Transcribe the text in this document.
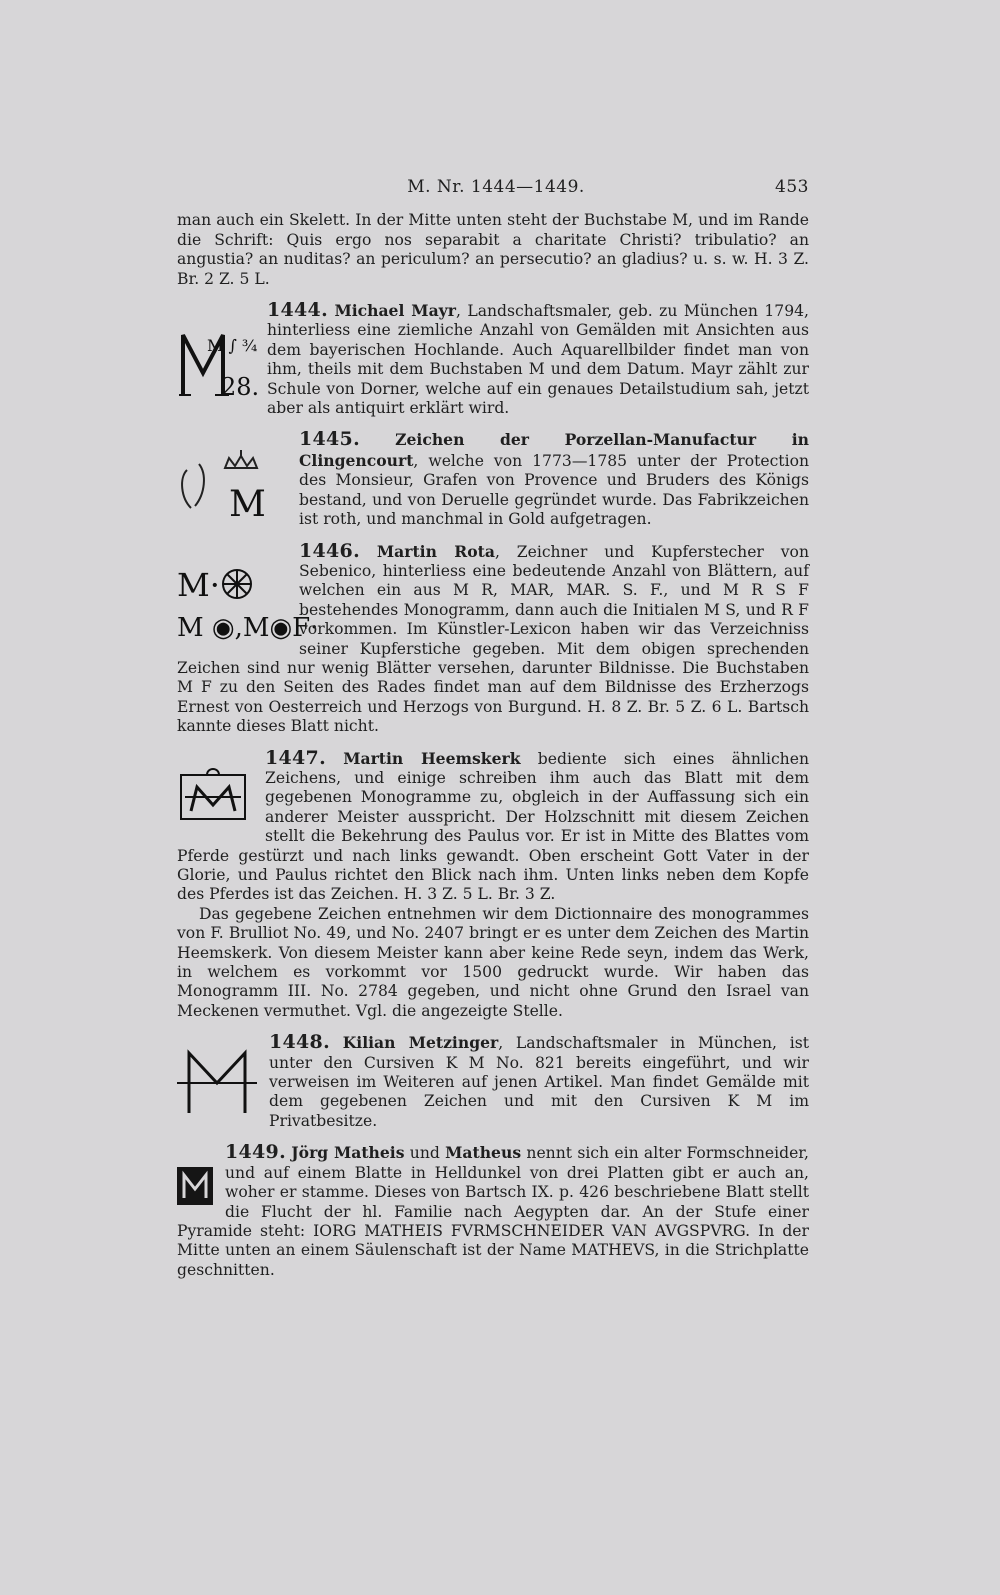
M. Nr. 1444—1449.	453

man auch ein Skelett. In der Mitte unten steht der Buchstabe M, und im Rande die Schrift: Quis ergo nos separabit a charitate Christi? tribulatio? an angustia? an nuditas? an periculum? an persecutio? an gladius? u. s. w. H. 3 Z. Br. 2 Z. 5 L.

28.
M ∫ ¾
1444. Michael Mayr, Landschaftsmaler, geb. zu München 1794, hinterliess eine ziemliche Anzahl von Gemälden mit Ansichten aus dem bayerischen Hochlande. Auch Aquarellbilder findet man von ihm, theils mit dem Buchstaben M und dem Datum. Mayr zählt zur Schule von Dorner, welche auf ein genaues Detailstudium sah, jetzt aber als antiquirt erklärt wird.
M
1445. Zeichen der Porzellan-Manufactur in Clingencourt, welche von 1773—1785 unter der Protection des Monsieur, Grafen von Provence und Bruders des Königs bestand, und von Deruelle gegründet wurde. Das Fabrikzeichen ist roth, und manchmal in Gold aufgetragen.
M·
M ◉,M◉F·
1446. Martin Rota, Zeichner und Kupferstecher von Sebenico, hinterliess eine bedeutende Anzahl von Blättern, auf welchen ein aus M R, MAR, MAR. S. F., und M R S F bestehendes Monogramm, dann auch die Initialen M S, und R F vorkommen. Im Künstler-Lexicon haben wir das Verzeichniss seiner Kupferstiche gegeben. Mit dem obigen sprechenden Zeichen sind nur wenig Blätter versehen, darunter Bildnisse. Die Buchstaben M F zu den Seiten des Rades findet man auf dem Bildnisse des Erzherzogs Ernest von Oesterreich und Herzogs von Burgund. H. 8 Z. Br. 5 Z. 6 L. Bartsch kannte dieses Blatt nicht.
1447. Martin Heemskerk bediente sich eines ähnlichen Zeichens, und einige schreiben ihm auch das Blatt mit dem gegebenen Monogramme zu, obgleich in der Auffassung sich ein anderer Meister ausspricht. Der Holzschnitt mit diesem Zeichen stellt die Bekehrung des Paulus vor. Er ist in Mitte des Blattes vom Pferde gestürzt und nach links gewandt. Oben erscheint Gott Vater in der Glorie, und Paulus richtet den Blick nach ihm. Unten links neben dem Kopfe des Pferdes ist das Zeichen. H. 3 Z. 5 L. Br. 3 Z.

Das gegebene Zeichen entnehmen wir dem Dictionnaire des monogrammes von F. Brulliot No. 49, und No. 2407 bringt er es unter dem Zeichen des Martin Heemskerk. Von diesem Meister kann aber keine Rede seyn, indem das Werk, in welchem es vorkommt vor 1500 gedruckt wurde. Wir haben das Monogramm III. No. 2784 gegeben, und nicht ohne Grund den Israel van Meckenen vermuthet. Vgl. die angezeigte Stelle.

1448. Kilian Metzinger, Landschaftsmaler in München, ist unter den Cursiven K M No. 821 bereits eingeführt, und wir verweisen im Weiteren auf jenen Artikel. Man findet Gemälde mit dem gegebenen Zeichen und mit den Cursiven K M im Privatbesitze.
1449. Jörg Matheis und Matheus nennt sich ein alter Formschneider, und auf einem Blatte in Helldunkel von drei Platten gibt er auch an, woher er stamme. Dieses von Bartsch IX. p. 426 beschriebene Blatt stellt die Flucht der hl. Familie nach Aegypten dar. An der Stufe einer Pyramide steht: IORG MATHEIS FVRMSCHNEIDER VAN AVGSPVRG. In der Mitte unten an einem Säulenschaft ist der Name MATHEVS, in die Strichplatte geschnitten.
